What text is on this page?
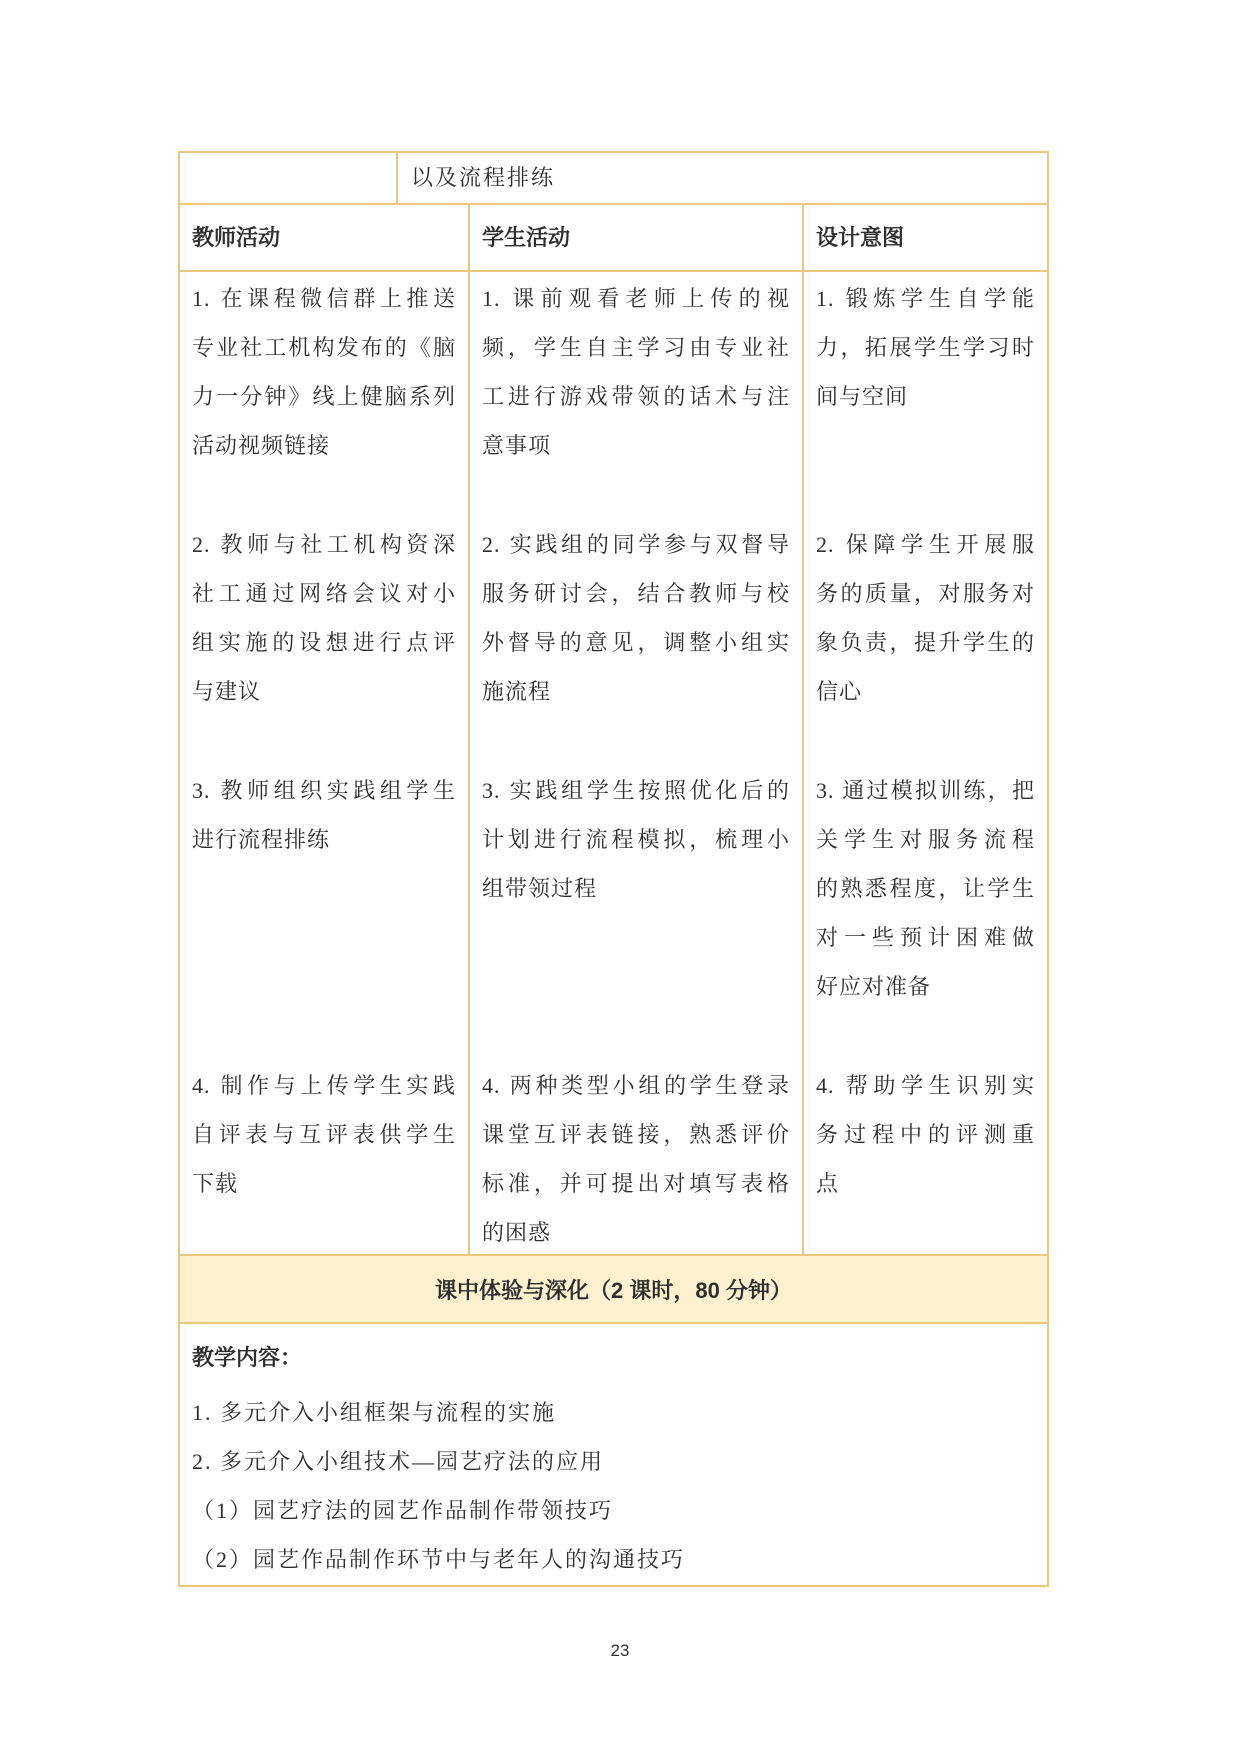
以及流程排练
教师活动	学生活动	设计意图
1. 在课程微信群上推送
专业社工机构发布的《脑
力一分钟》线上健脑系列
活动视频链接
2. 教师与社工机构资深
社工通过网络会议对小
组实施的设想进行点评
与建议
3. 教师组织实践组学生
进行流程排练
4. 制作与上传学生实践
自评表与互评表供学生
下载
1. 课前观看老师上传的视
频，学生自主学习由专业社
工进行游戏带领的话术与注
意事项
2. 实践组的同学参与双督导
服务研讨会，结合教师与校
外督导的意见，调整小组实
施流程
3. 实践组学生按照优化后的
计划进行流程模拟，梳理小
组带领过程
4. 两种类型小组的学生登录
课堂互评表链接，熟悉评价
标准，并可提出对填写表格
的困惑
1. 锻炼学生自学能
力，拓展学生学习时
间与空间
2. 保障学生开展服
务的质量，对服务对
象负责，提升学生的
信心
3. 通过模拟训练，把
关学生对服务流程
的熟悉程度，让学生
对一些预计困难做
好应对准备
4. 帮助学生识别实
务过程中的评测重
点
课中体验与深化（2 课时，80 分钟）
教学内容：
1. 多元介入小组框架与流程的实施
2. 多元介入小组技术—园艺疗法的应用
（1）园艺疗法的园艺作品制作带领技巧
（2）园艺作品制作环节中与老年人的沟通技巧
23
